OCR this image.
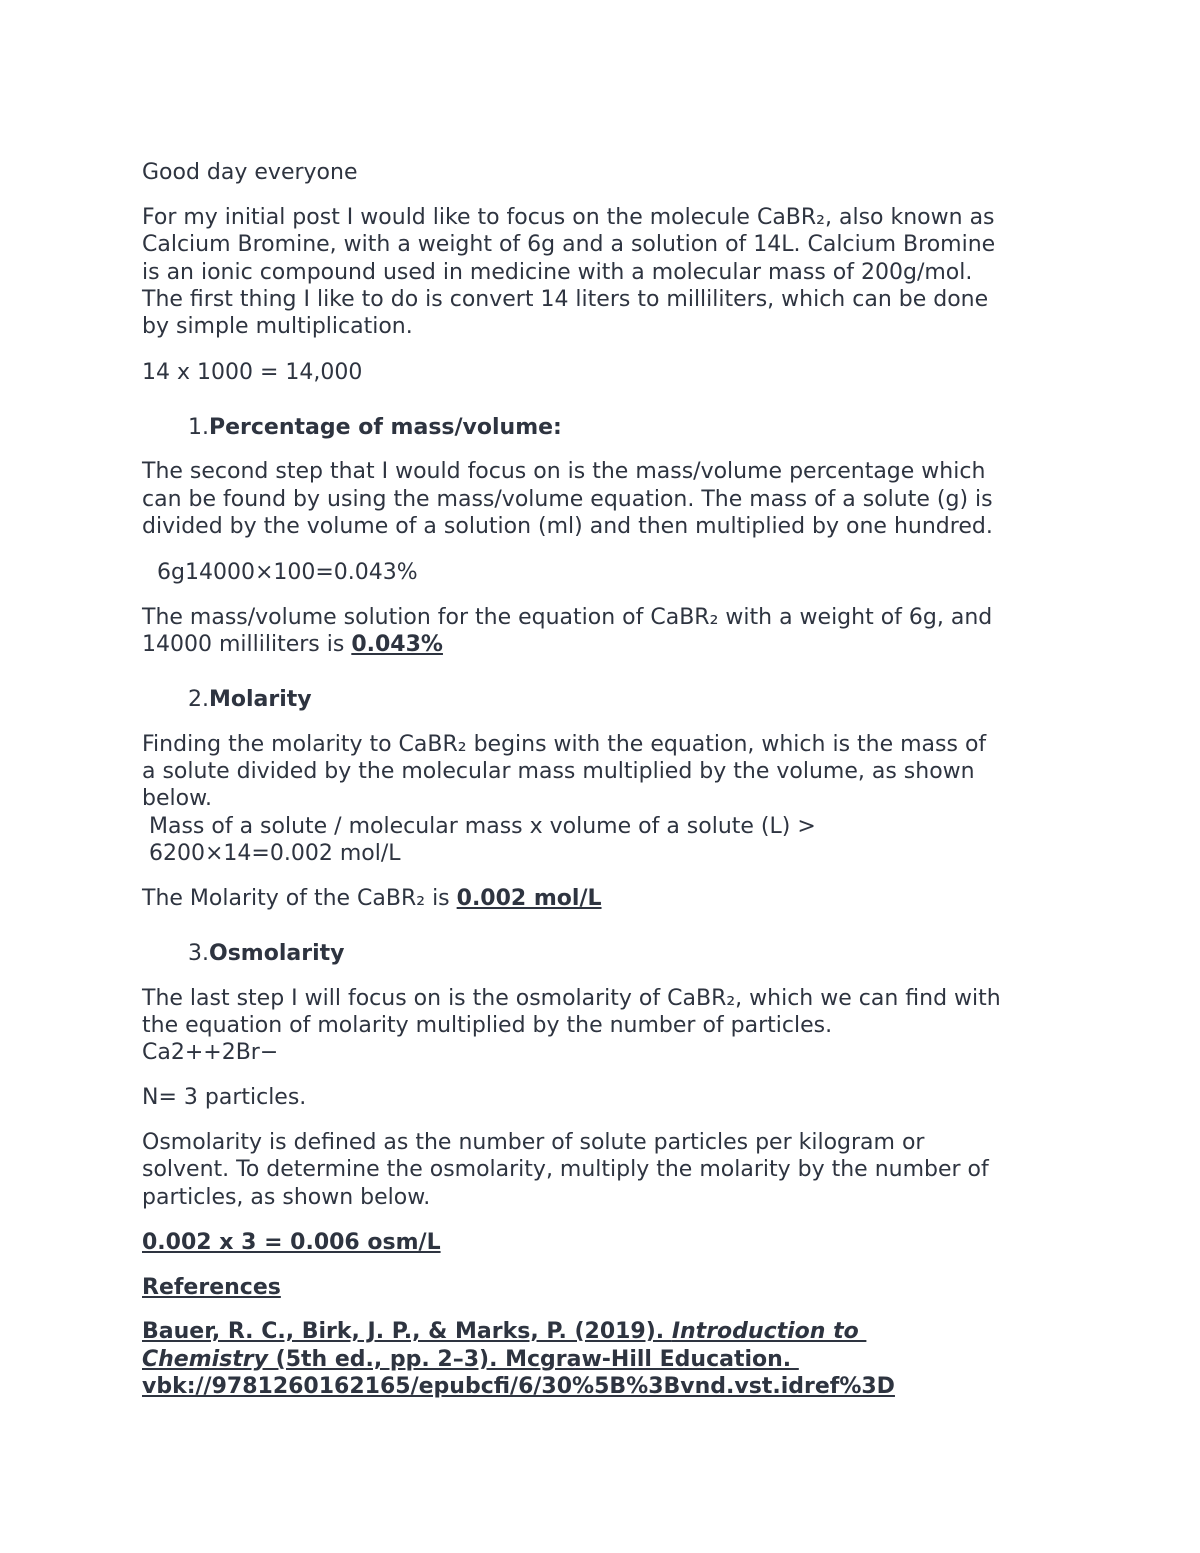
Good day everyone
For my initial post I would like to focus on the molecule CaBR₂, also known as
Calcium Bromine, with a weight of 6g and a solution of 14L. Calcium Bromine
is an ionic compound used in medicine with a molecular mass of 200g/mol.
The first thing I like to do is convert 14 liters to milliliters, which can be done
by simple multiplication.
14 x 1000 = 14,000
1.Percentage of mass/volume:
The second step that I would focus on is the mass/volume percentage which
can be found by using the mass/volume equation. The mass of a solute (g) is
divided by the volume of a solution (ml) and then multiplied by one hundred.
6g14000×100=0.043%
The mass/volume solution for the equation of CaBR₂ with a weight of 6g, and
14000 milliliters is 0.043%
2.Molarity
Finding the molarity to CaBR₂ begins with the equation, which is the mass of
a solute divided by the molecular mass multiplied by the volume, as shown
below.
Mass of a solute / molecular mass x volume of a solute (L) >
6200×14=0.002 mol/L
The Molarity of the CaBR₂ is 0.002 mol/L
3.Osmolarity
The last step I will focus on is the osmolarity of CaBR₂, which we can find with
the equation of molarity multiplied by the number of particles.
Ca2++2Br−
N= 3 particles.
Osmolarity is defined as the number of solute particles per kilogram or
solvent. To determine the osmolarity, multiply the molarity by the number of
particles, as shown below.
0.002 x 3 = 0.006 osm/L
References
Bauer, R. C., Birk, J. P., & Marks, P. (2019). Introduction to
Chemistry (5th ed., pp. 2–3). Mcgraw-Hill Education.
vbk://9781260162165/epubcfi/6/30%5B%3Bvnd.vst.idref%3D
